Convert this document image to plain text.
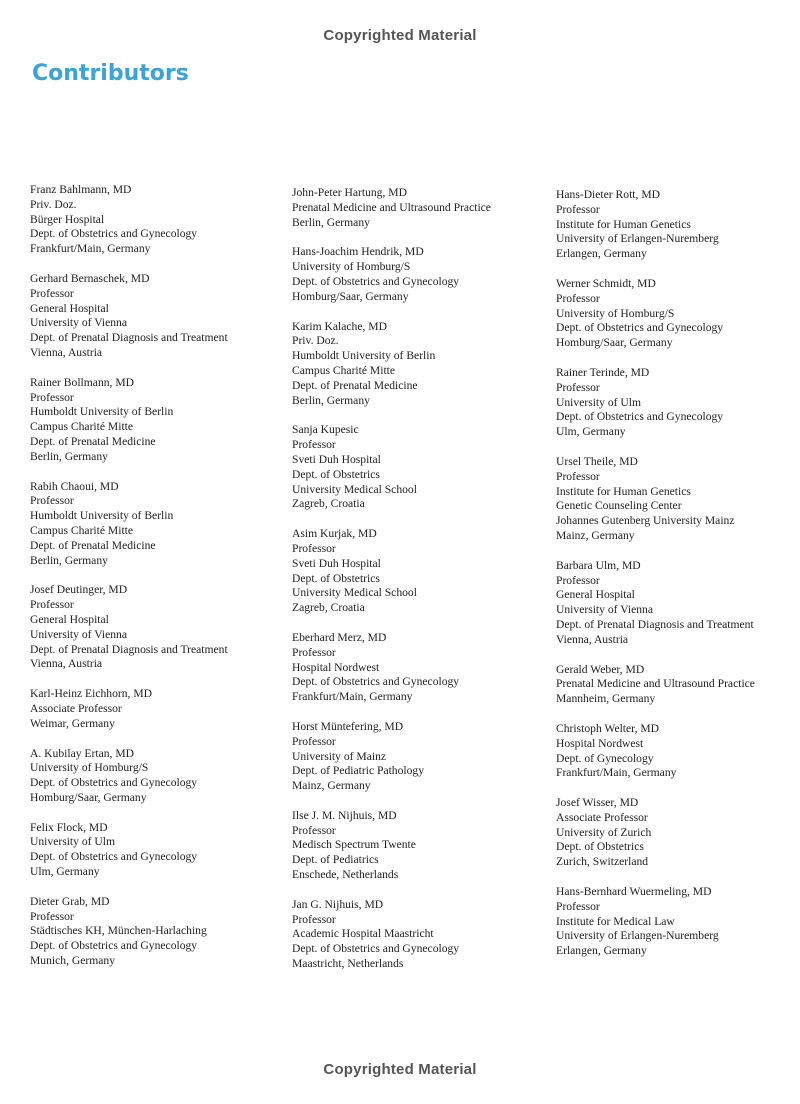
Copyrighted Material
Contributors
Franz Bahlmann, MD
Priv. Doz.
Bürger Hospital
Dept. of Obstetrics and Gynecology
Frankfurt/Main, Germany
Gerhard Bernaschek, MD
Professor
General Hospital
University of Vienna
Dept. of Prenatal Diagnosis and Treatment
Vienna, Austria
Rainer Bollmann, MD
Professor
Humboldt University of Berlin
Campus Charité Mitte
Dept. of Prenatal Medicine
Berlin, Germany
Rabih Chaoui, MD
Professor
Humboldt University of Berlin
Campus Charité Mitte
Dept. of Prenatal Medicine
Berlin, Germany
Josef Deutinger, MD
Professor
General Hospital
University of Vienna
Dept. of Prenatal Diagnosis and Treatment
Vienna, Austria
Karl-Heinz Eichhorn, MD
Associate Professor
Weimar, Germany
A. Kubilay Ertan, MD
University of Homburg/S
Dept. of Obstetrics and Gynecology
Homburg/Saar, Germany
Felix Flock, MD
University of Ulm
Dept. of Obstetrics and Gynecology
Ulm, Germany
Dieter Grab, MD
Professor
Städtisches KH, München-Harlaching
Dept. of Obstetrics and Gynecology
Munich, Germany
John-Peter Hartung, MD
Prenatal Medicine and Ultrasound Practice
Berlin, Germany
Hans-Joachim Hendrik, MD
University of Homburg/S
Dept. of Obstetrics and Gynecology
Homburg/Saar, Germany
Karim Kalache, MD
Priv. Doz.
Humboldt University of Berlin
Campus Charité Mitte
Dept. of Prenatal Medicine
Berlin, Germany
Sanja Kupesic
Professor
Sveti Duh Hospital
Dept. of Obstetrics
University Medical School
Zagreb, Croatia
Asim Kurjak, MD
Professor
Sveti Duh Hospital
Dept. of Obstetrics
University Medical School
Zagreb, Croatia
Eberhard Merz, MD
Professor
Hospital Nordwest
Dept. of Obstetrics and Gynecology
Frankfurt/Main, Germany
Horst Müntefering, MD
Professor
University of Mainz
Dept. of Pediatric Pathology
Mainz, Germany
Ilse J. M. Nijhuis, MD
Professor
Medisch Spectrum Twente
Dept. of Pediatrics
Enschede, Netherlands
Jan G. Nijhuis, MD
Professor
Academic Hospital Maastricht
Dept. of Obstetrics and Gynecology
Maastricht, Netherlands
Hans-Dieter Rott, MD
Professor
Institute for Human Genetics
University of Erlangen-Nuremberg
Erlangen, Germany
Werner Schmidt, MD
Professor
University of Homburg/S
Dept. of Obstetrics and Gynecology
Homburg/Saar, Germany
Rainer Terinde, MD
Professor
University of Ulm
Dept. of Obstetrics and Gynecology
Ulm, Germany
Ursel Theile, MD
Professor
Institute for Human Genetics
Genetic Counseling Center
Johannes Gutenberg University Mainz
Mainz, Germany
Barbara Ulm, MD
Professor
General Hospital
University of Vienna
Dept. of Prenatal Diagnosis and Treatment
Vienna, Austria
Gerald Weber, MD
Prenatal Medicine and Ultrasound Practice
Mannheim, Germany
Christoph Welter, MD
Hospital Nordwest
Dept. of Gynecology
Frankfurt/Main, Germany
Josef Wisser, MD
Associate Professor
University of Zurich
Dept. of Obstetrics
Zurich, Switzerland
Hans-Bernhard Wuermeling, MD
Professor
Institute for Medical Law
University of Erlangen-Nuremberg
Erlangen, Germany
Copyrighted Material
